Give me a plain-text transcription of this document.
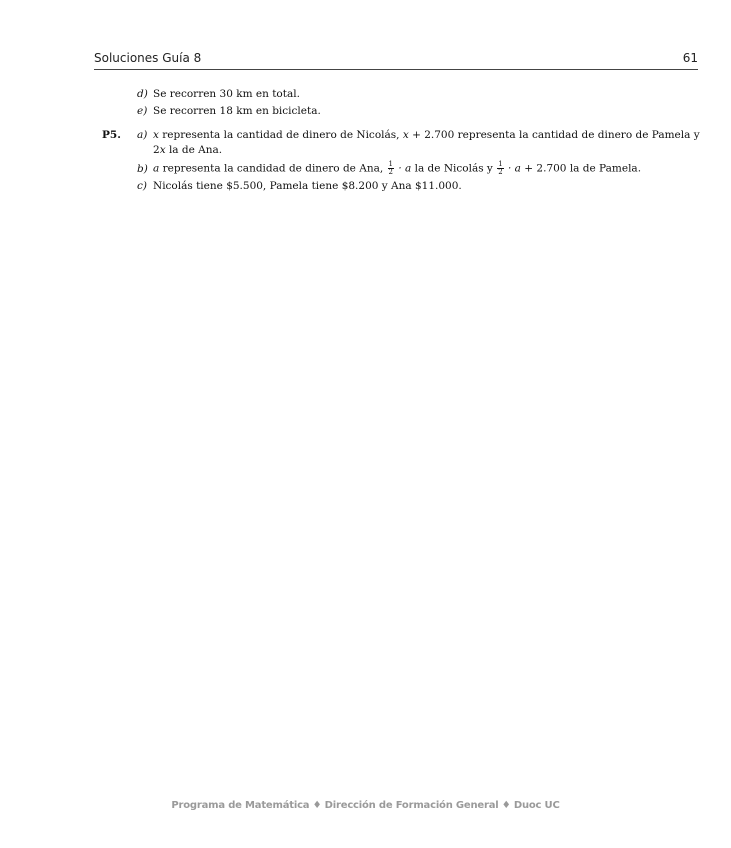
Soluciones Guía 8	61
d) Se recorren 30 km en total.
e) Se recorren 18 km en bicicleta.
P5. a) x representa la cantidad de dinero de Nicolás, x + 2.700 representa la cantidad de dinero de Pamela y
2x la de Ana.
b) a representa la candidad de dinero de Ana, $\frac{1}{2} \cdot a$ la de Nicolás y $\frac{1}{2} \cdot a + 2.700$ la de Pamela.
c) Nicolás tiene $5.500, Pamela tiene $8.200 y Ana $11.000.
Programa de Matemática ♦ Dirección de Formación General ♦ Duoc UC
